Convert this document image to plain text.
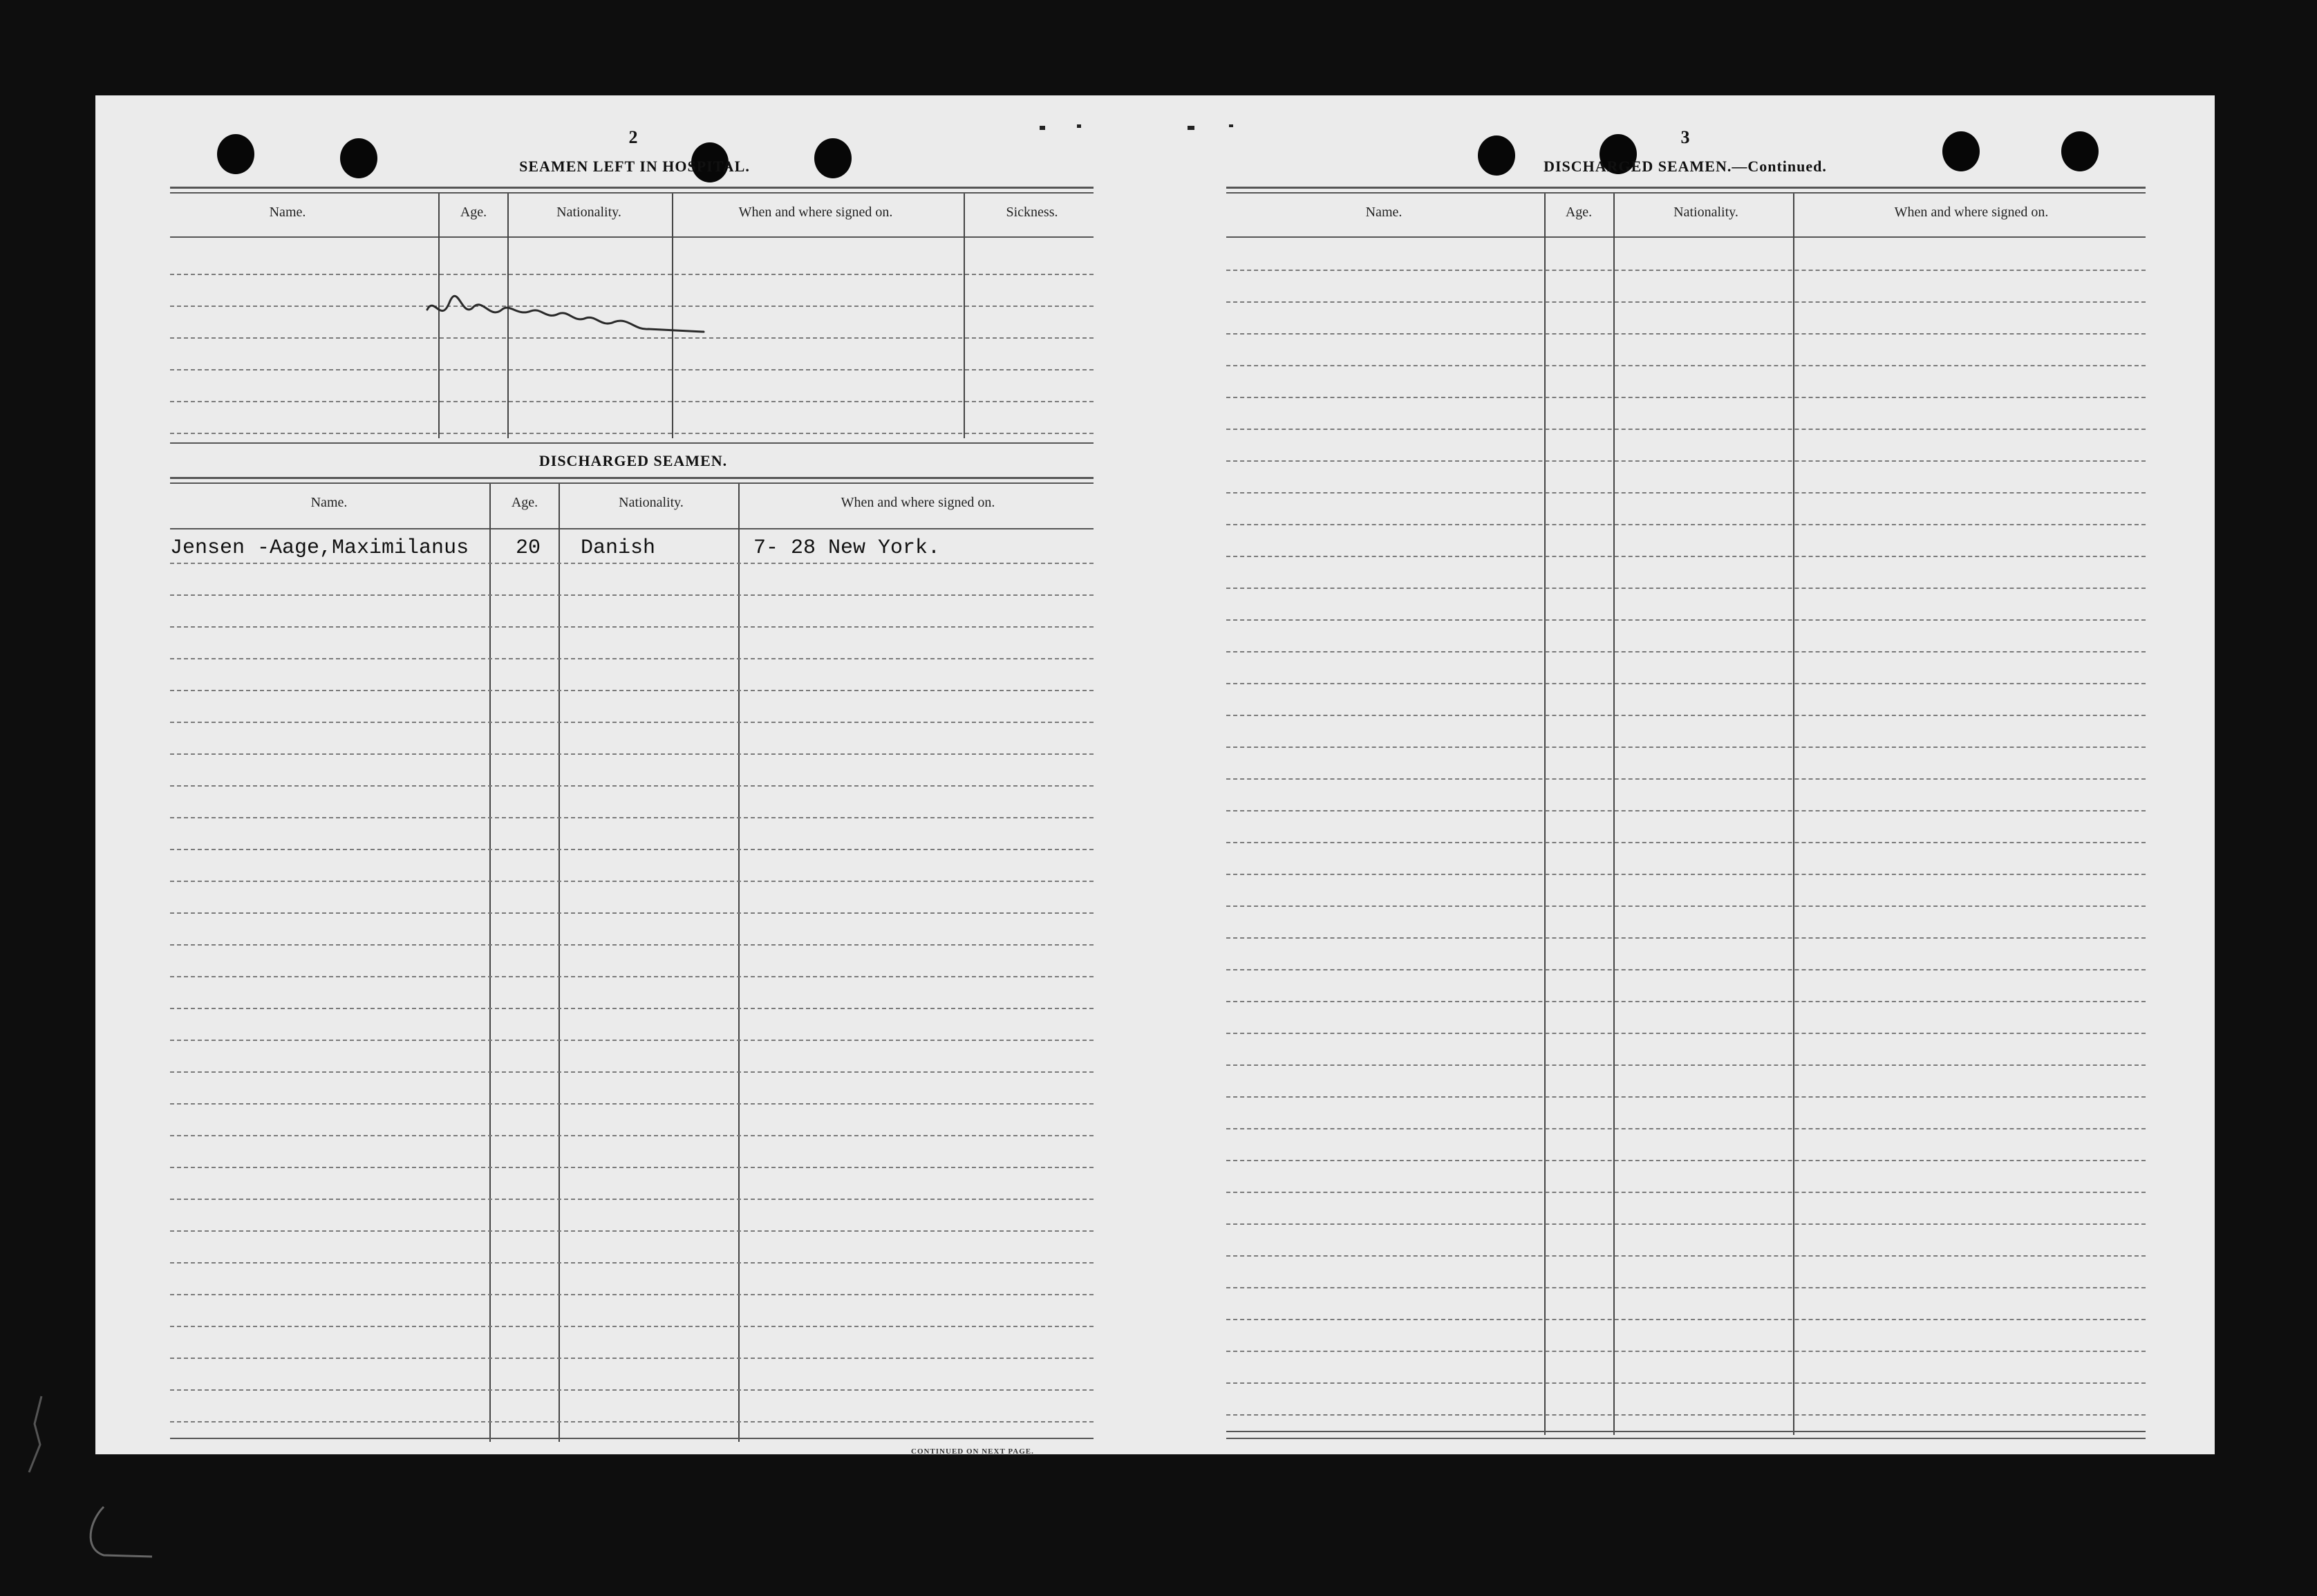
2
SEAMEN LEFT IN HOSPITAL.
Name.	Age.	Nationality.	When and where signed on.	Sickness.
DISCHARGED SEAMEN.
Name.	Age.	Nationality.	When and where signed on.
Jensen -Aage,Maximilanus 20 Danish	7- 28 New York.
CONTINUED ON NEXT PAGE.
3
DISCHARGED SEAMEN.—Continued.
Name.	Age.	Nationality.	When and where signed on.
